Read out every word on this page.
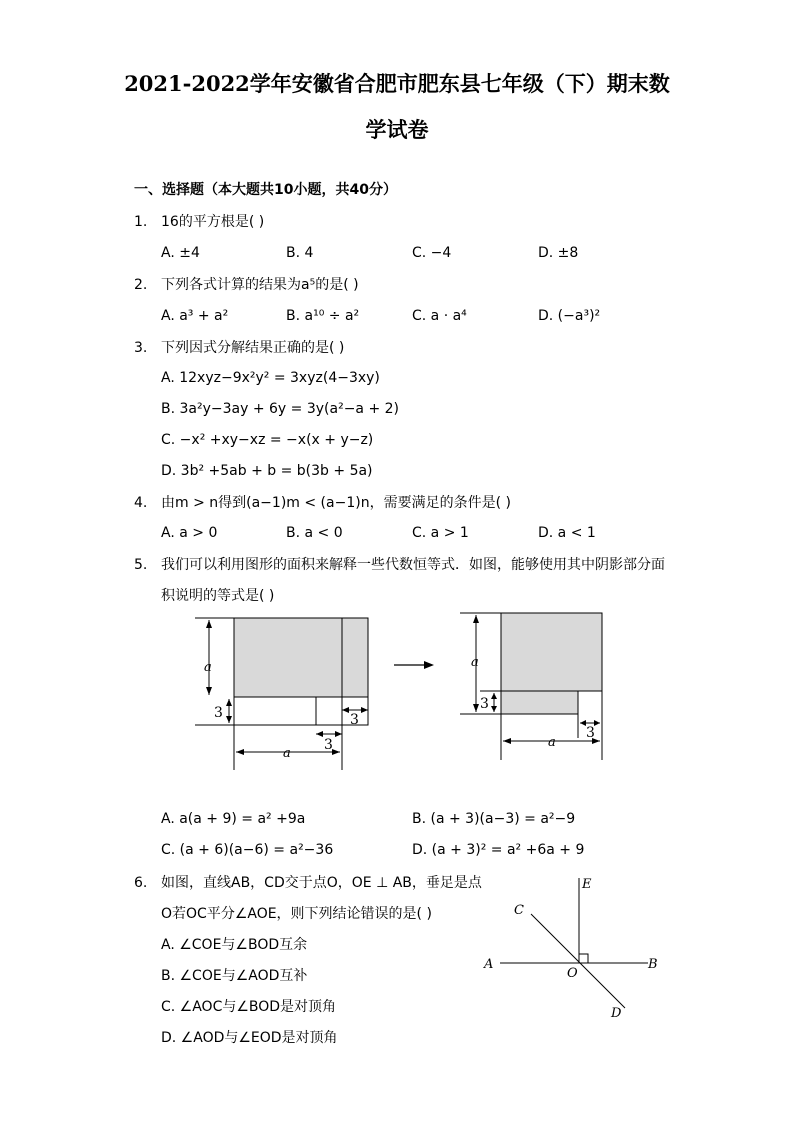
2021-2022学年安徽省合肥市肥东县七年级（下）期末数
学试卷
一、选择题（本大题共10小题，共40分）
1. 16的平方根是( )
A. ±4	B. 4	C. −4	D. ±8
2. 下列各式计算的结果为a⁵的是( )
A. a³ + a²	B. a¹⁰ ÷ a²	C. a · a⁴	D. (−a³)²
3. 下列因式分解结果正确的是( )
A. 12xyz−9x²y² = 3xyz(4−3xy)
B. 3a²y−3ay + 6y = 3y(a²−a + 2)
C. −x² +xy−xz = −x(x + y−z)
D. 3b² +5ab + b = b(3b + 5a)
4. 由m > n得到(a−1)m < (a−1)n，需要满足的条件是( )
A. a > 0	B. a < 0	C. a > 1	D. a < 1
5. 我们可以利用图形的面积来解释一些代数恒等式．如图，能够使用其中阴影部分面
积说明的等式是( )
a
3	3
3
a
a
3
3
a
A	B
C
D
E
O
A. a(a + 9) = a² +9a	B. (a + 3)(a−3) = a²−9
C. (a + 6)(a−6) = a²−36	D. (a + 3)² = a² +6a + 9
6. 如图，直线AB，CD交于点O，OE ⊥ AB，垂足是点
O若OC平分∠AOE，则下列结论错误的是( )
A. ∠COE与∠BOD互余
B. ∠COE与∠AOD互补
C. ∠AOC与∠BOD是对顶角
D. ∠AOD与∠EOD是对顶角
